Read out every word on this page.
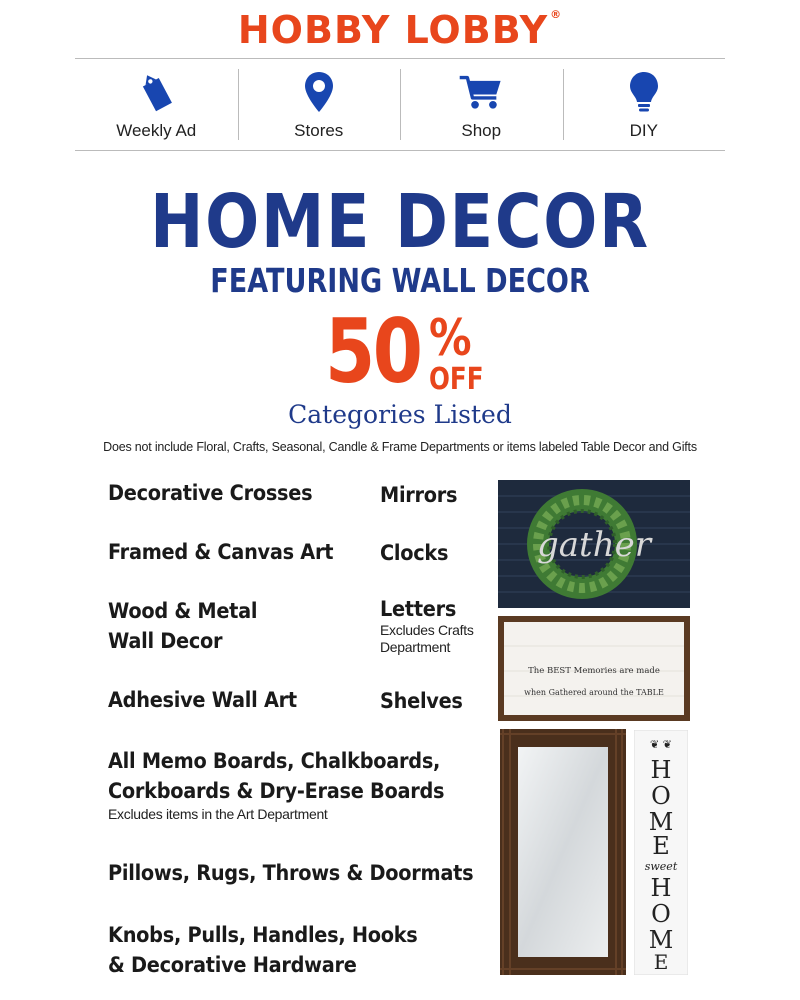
HOBBY LOBBY ®
Weekly Ad	Stores	Shop	DIY
HOME DECOR
FEATURING WALL DECOR
50 %
OFF
Categories Listed
Does not include Floral, Crafts, Seasonal, Candle & Frame Departments or items labeled Table Decor and Gifts
Decorative Crosses
Framed & Canvas Art
Wood & Metal
Wall Decor
Adhesive Wall Art
All Memo Boards, Chalkboards,
Corkboards & Dry-Erase Boards
Excludes items in the Art Department
Pillows, Rugs, Throws & Doormats
Knobs, Pulls, Handles, Hooks
& Decorative Hardware
Mirrors
Clocks
Letters
Excludes Crafts Department
Shelves
gather
The BEST Memories are made
when Gathered around the TABLE
❦ ❦
H
O
M
E
sweet
H
O
M
E
